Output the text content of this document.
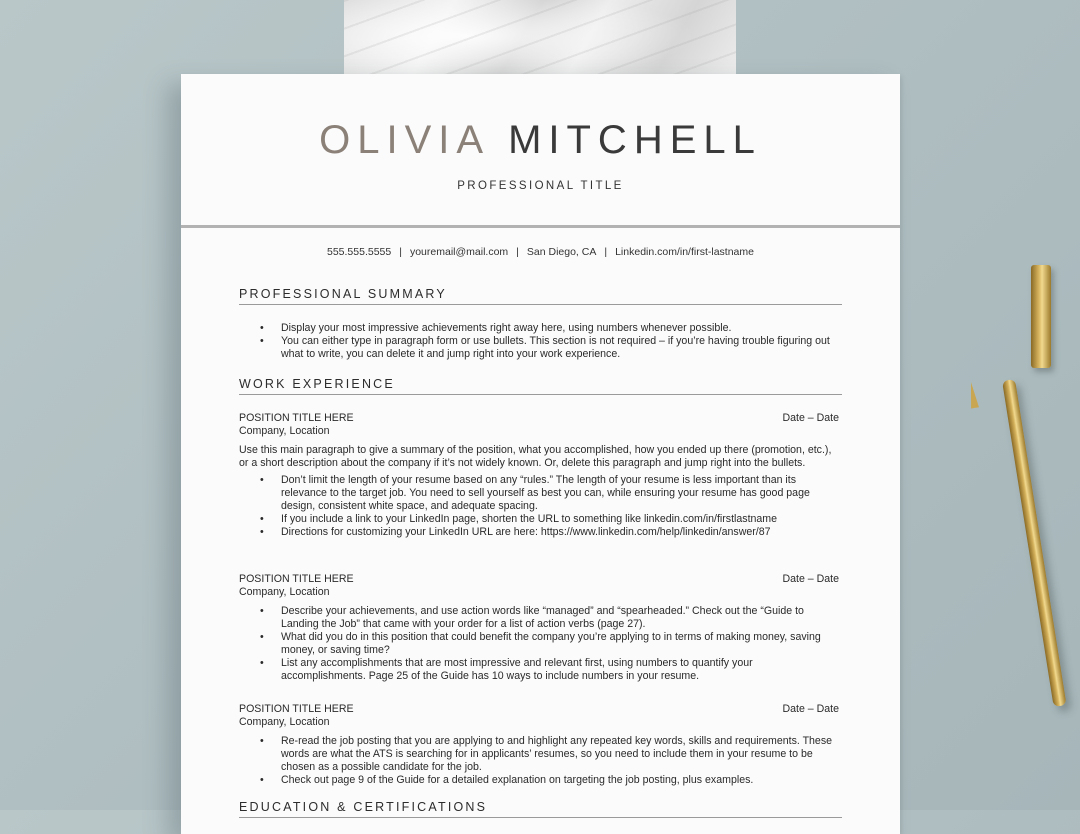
OLIVIA MITCHELL
PROFESSIONAL TITLE
555.555.5555 | youremail@mail.com | San Diego, CA | Linkedin.com/in/first-lastname
PROFESSIONAL SUMMARY
• Display your most impressive achievements right away here, using numbers whenever possible.
• You can either type in paragraph form or use bullets. This section is not required – if you’re having trouble figuring out what to write, you can delete it and jump right into your work experience.
WORK EXPERIENCE
POSITION TITLE HERE	Date – Date
Company, Location
Use this main paragraph to give a summary of the position, what you accomplished, how you ended up there (promotion, etc.), or a short description about the company if it’s not widely known. Or, delete this paragraph and jump right into the bullets.
• Don’t limit the length of your resume based on any “rules.” The length of your resume is less important than its relevance to the target job. You need to sell yourself as best you can, while ensuring your resume has good page design, consistent white space, and adequate spacing.
• If you include a link to your LinkedIn page, shorten the URL to something like linkedin.com/in/firstlastname
• Directions for customizing your LinkedIn URL are here: https://www.linkedin.com/help/linkedin/answer/87
POSITION TITLE HERE	Date – Date
Company, Location
• Describe your achievements, and use action words like “managed” and “spearheaded.” Check out the “Guide to Landing the Job” that came with your order for a list of action verbs (page 27).
• What did you do in this position that could benefit the company you’re applying to in terms of making money, saving money, or saving time?
• List any accomplishments that are most impressive and relevant first, using numbers to quantify your accomplishments. Page 25 of the Guide has 10 ways to include numbers in your resume.
POSITION TITLE HERE	Date – Date
Company, Location
• Re-read the job posting that you are applying to and highlight any repeated key words, skills and requirements. These words are what the ATS is searching for in applicants’ resumes, so you need to include them in your resume to be chosen as a possible candidate for the job.
• Check out page 9 of the Guide for a detailed explanation on targeting the job posting, plus examples.
EDUCATION & CERTIFICATIONS
